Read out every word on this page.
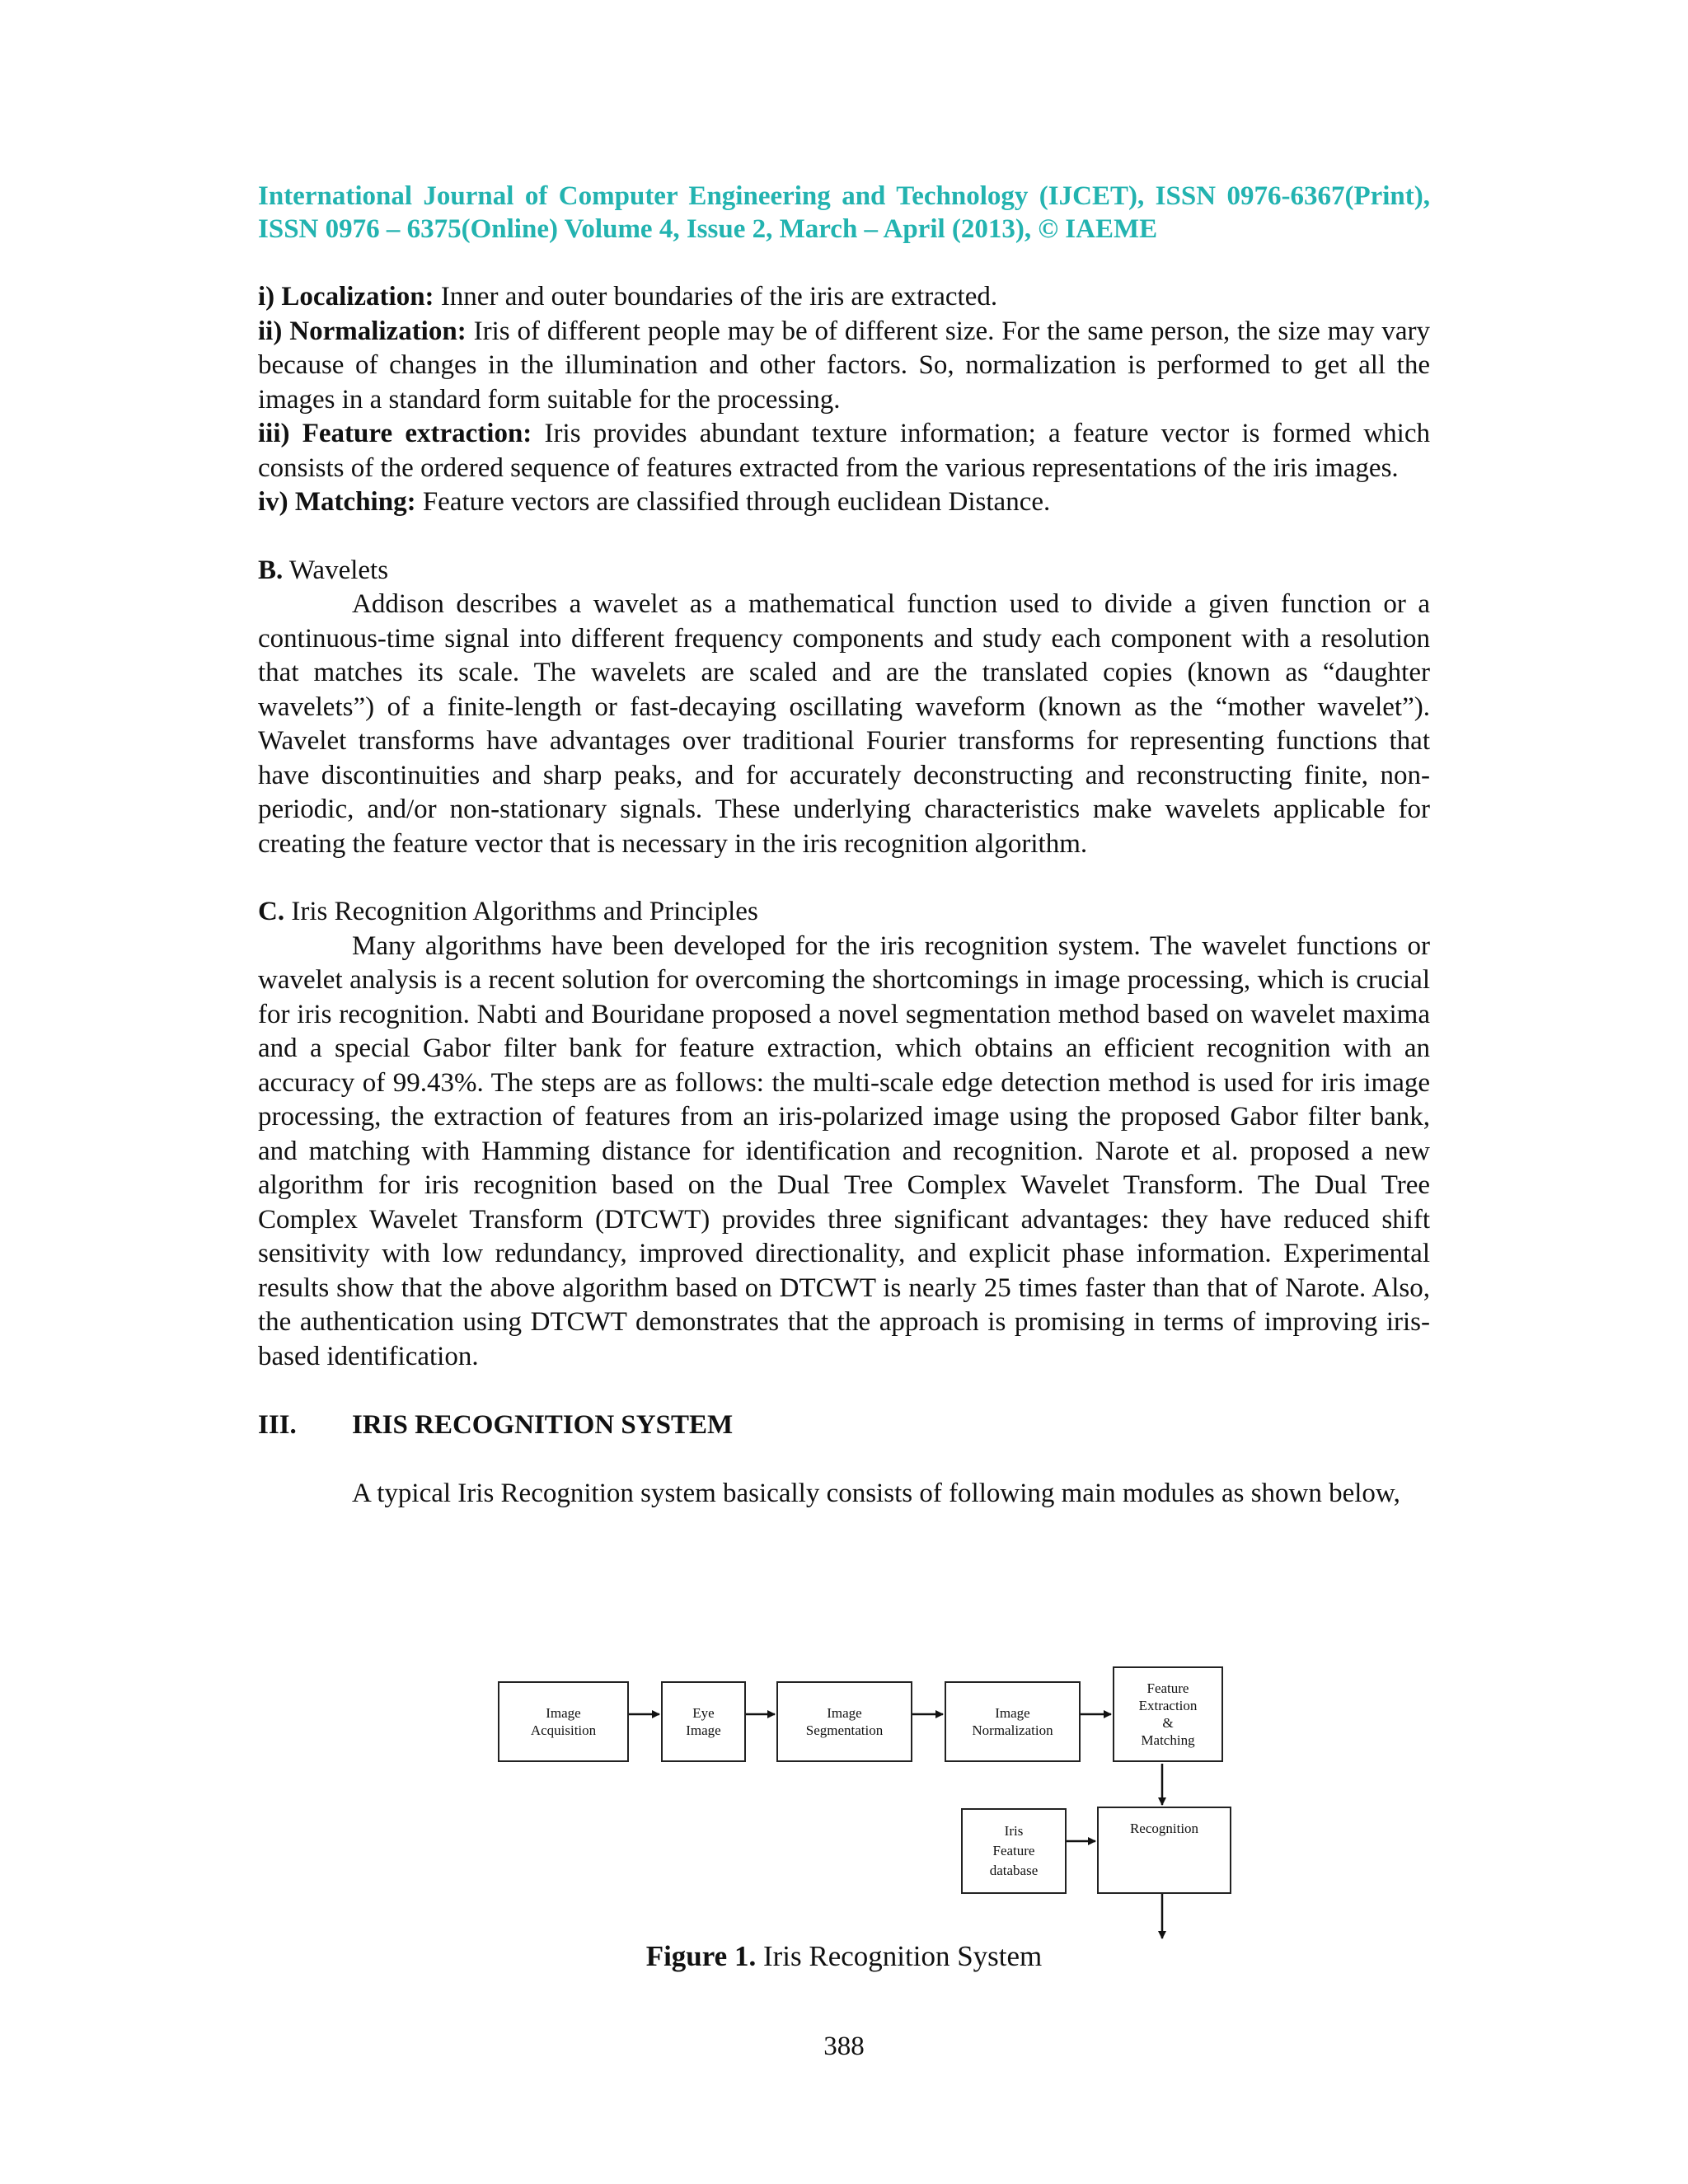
International Journal of Computer Engineering and Technology (IJCET), ISSN 0976-6367(Print), ISSN 0976 – 6375(Online) Volume 4, Issue 2, March – April (2013), © IAEME

i) Localization: Inner and outer boundaries of the iris are extracted.

ii) Normalization: Iris of different people may be of different size. For the same person, the size may vary because of changes in the illumination and other factors. So, normalization is performed to get all the images in a standard form suitable for the processing.

iii) Feature extraction: Iris provides abundant texture information; a feature vector is formed which consists of the ordered sequence of features extracted from the various representations of the iris images.

iv) Matching: Feature vectors are classified through euclidean Distance.

B. Wavelets

Addison describes a wavelet as a mathematical function used to divide a given function or a continuous-time signal into different frequency components and study each component with a resolution that matches its scale. The wavelets are scaled and are the translated copies (known as “daughter wavelets”) of a finite-length or fast-decaying oscillating waveform (known as the “mother wavelet”). Wavelet transforms have advantages over traditional Fourier transforms for representing functions that have discontinuities and sharp peaks, and for accurately deconstructing and reconstructing finite, non-periodic, and/or non-stationary signals. These underlying characteristics make wavelets applicable for creating the feature vector that is necessary in the iris recognition algorithm.

C. Iris Recognition Algorithms and Principles

Many algorithms have been developed for the iris recognition system. The wavelet functions or wavelet analysis is a recent solution for overcoming the shortcomings in image processing, which is crucial for iris recognition. Nabti and Bouridane proposed a novel segmentation method based on wavelet maxima and a special Gabor filter bank for feature extraction, which obtains an efficient recognition with an accuracy of 99.43%. The steps are as follows: the multi-scale edge detection method is used for iris image processing, the extraction of features from an iris-polarized image using the proposed Gabor filter bank, and matching with Hamming distance for identification and recognition. Narote et al. proposed a new algorithm for iris recognition based on the Dual Tree Complex Wavelet Transform. The Dual Tree Complex Wavelet Transform (DTCWT) provides three significant advantages: they have reduced shift sensitivity with low redundancy, improved directionality, and explicit phase information. Experimental results show that the above algorithm based on DTCWT is nearly 25 times faster than that of Narote. Also, the authentication using DTCWT demonstrates that the approach is promising in terms of improving iris-based identification.

III. IRIS RECOGNITION SYSTEM

A typical Iris Recognition system basically consists of following main modules as shown below,

Image
Acquisition
Eye
Image
Image
Segmentation
Image
Normalization
Feature
Extraction
&
Matching
Iris
Feature
database
Recognition
Figure 1. Iris Recognition System
388
